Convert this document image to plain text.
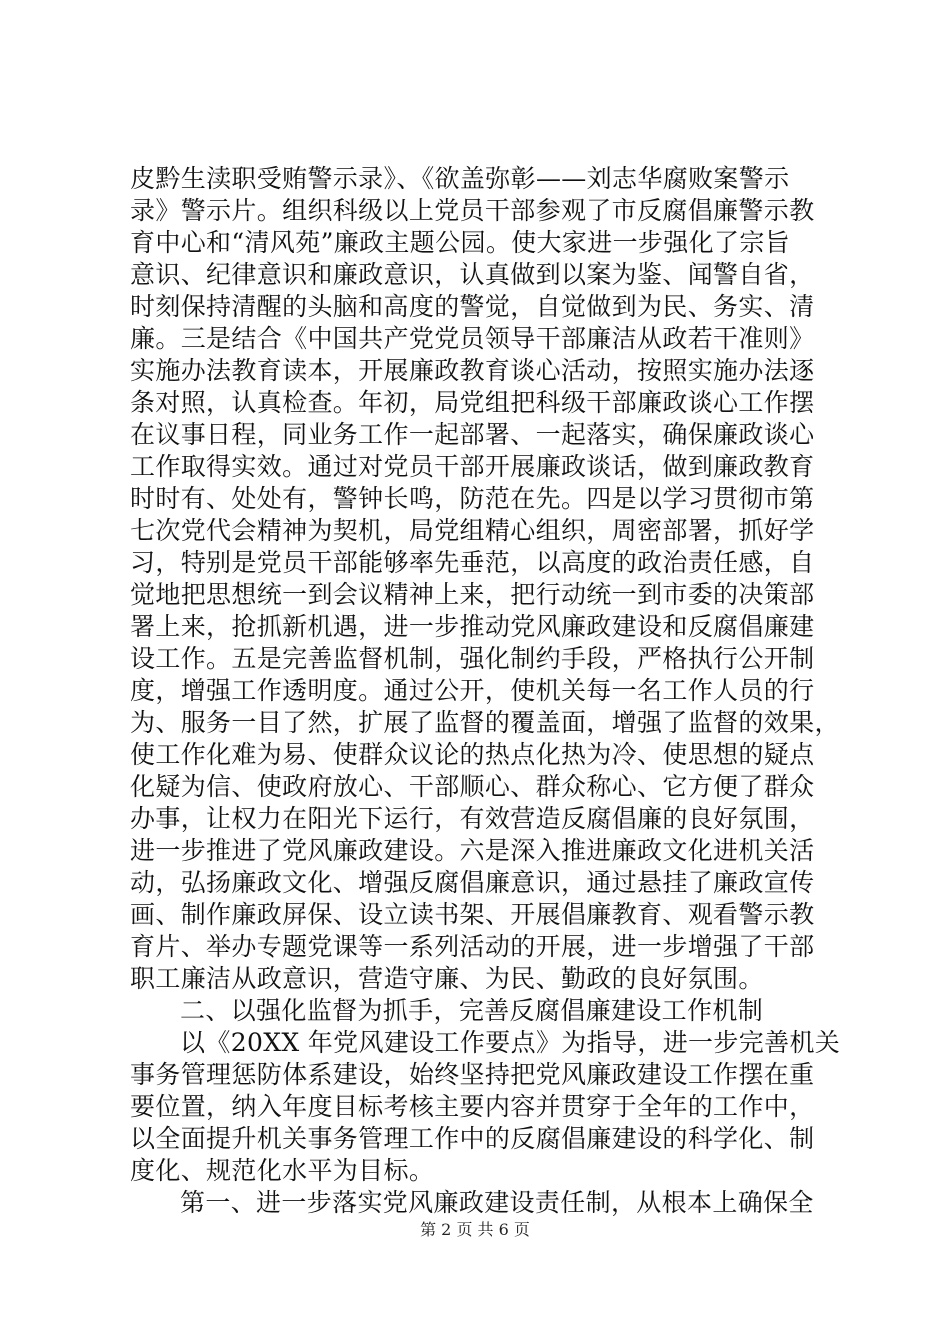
皮黔生渎职受贿警示录》、《欲盖弥彰——刘志华腐败案警示
录》警示片。组织科级以上党员干部参观了市反腐倡廉警示教
育中心和“清风苑”廉政主题公园。使大家进一步强化了宗旨
意识、纪律意识和廉政意识，认真做到以案为鉴、闻警自省，
时刻保持清醒的头脑和高度的警觉，自觉做到为民、务实、清
廉。三是结合《中国共产党党员领导干部廉洁从政若干准则》
实施办法教育读本，开展廉政教育谈心活动，按照实施办法逐
条对照，认真检查。年初，局党组把科级干部廉政谈心工作摆
在议事日程，同业务工作一起部署、一起落实，确保廉政谈心
工作取得实效。通过对党员干部开展廉政谈话，做到廉政教育
时时有、处处有，警钟长鸣，防范在先。四是以学习贯彻市第
七次党代会精神为契机，局党组精心组织，周密部署，抓好学
习，特别是党员干部能够率先垂范，以高度的政治责任感，自
觉地把思想统一到会议精神上来，把行动统一到市委的决策部
署上来，抢抓新机遇，进一步推动党风廉政建设和反腐倡廉建
设工作。五是完善监督机制，强化制约手段，严格执行公开制
度，增强工作透明度。通过公开，使机关每一名工作人员的行
为、服务一目了然，扩展了监督的覆盖面，增强了监督的效果，
使工作化难为易、使群众议论的热点化热为冷、使思想的疑点
化疑为信、使政府放心、干部顺心、群众称心、它方便了群众
办事，让权力在阳光下运行，有效营造反腐倡廉的良好氛围，
进一步推进了党风廉政建设。六是深入推进廉政文化进机关活
动，弘扬廉政文化、增强反腐倡廉意识，通过悬挂了廉政宣传
画、制作廉政屏保、设立读书架、开展倡廉教育、观看警示教
育片、举办专题党课等一系列活动的开展，进一步增强了干部
职工廉洁从政意识，营造守廉、为民、勤政的良好氛围。
二、以强化监督为抓手，完善反腐倡廉建设工作机制
以《20XX 年党风建设工作要点》为指导，进一步完善机关
事务管理惩防体系建设，始终坚持把党风廉政建设工作摆在重
要位置，纳入年度目标考核主要内容并贯穿于全年的工作中，
以全面提升机关事务管理工作中的反腐倡廉建设的科学化、制
度化、规范化水平为目标。
第一、进一步落实党风廉政建设责任制，从根本上确保全
第 2 页 共 6 页
